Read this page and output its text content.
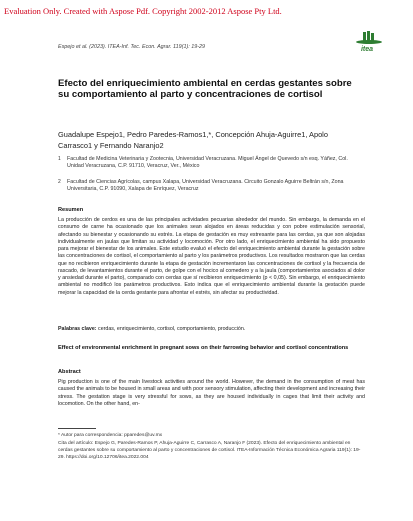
Evaluation Only. Created with Aspose Pdf. Copyright 2002-2012 Aspose Pty Ltd.
Espejo et al. (2023). ITEA-Inf. Tec. Econ. Agrar. 119(1): 19-29	itea
Efecto del enriquecimiento ambiental en cerdas gestantes sobre su comportamiento al parto y concentraciones de cortisol
Guadalupe Espejo1, Pedro Paredes-Ramos1,*, Concepción Ahuja-Aguirre1, Apolo Carrasco1 y Fernando Naranjo2
1	Facultad de Medicina Veterinaria y Zootecnia, Universidad Veracruzana. Miguel Ángel de Quevedo s/n esq. Yáñez, Col. Unidad Veracruzana, C.P. 91710, Veracruz, Ver., México
2	Facultad de Ciencias Agrícolas, campus Xalapa, Universidad Veracruzana. Circuito Gonzalo Aguirre Beltrán s/n, Zona Universitaria, C.P. 91090, Xalapa de Enríquez, Veracruz
Resumen

La producción de cerdos es una de las principales actividades pecuarias alrededor del mundo. Sin embargo, la demanda en el consumo de carne ha ocasionado que los animales sean alojados en áreas reducidas y con pobre estimulación sensorial, afectando su bienestar y ocasionando su estrés. La etapa de gestación es muy estresante para las cerdas, ya que son alojadas individualmente en jaulas que limitan su actividad y locomoción. Por otro lado, el enriquecimiento ambiental ha sido propuesto para mejorar el bienestar de los animales. Este estudio evaluó el efecto del enriquecimiento ambiental durante la gestación sobre las concentraciones de cortisol, el comportamiento al parto y los parámetros productivos. Los resultados mostraron que las cerdas que no recibieron enriquecimiento durante la etapa de gestación incrementaron las concentraciones de cortisol y la frecuencia de rascado, de levantamientos durante el parto, de golpe con el hocico al comedero y a la jaula (comportamientos asociados al dolor y ansiedad durante el parto), comparado con cerdas que sí recibieron enriquecimiento (p < 0,05). Sin embargo, el enriquecimiento ambiental no modificó los parámetros productivos. Esto indica que el enriquecimiento ambiental durante la gestación puede mejorar la capacidad de la cerda gestante para afrontar el estrés, sin afectar su productividad.

Palabras clave: cerdas, enriquecimiento, cortisol, comportamiento, producción.

Effect of environmental enrichment in pregnant sows on their farrowing behavior and cortisol concentrations
Abstract

Pig production is one of the main livestock activities around the world. However, the demand in the consumption of meat has caused the animals to be housed in small areas and with poor sensory stimulation, affecting their development and increasing their stress. The gestation stage is very stressful for sows, as they are housed individually in cages that limit their activity and locomotion. On the other hand, en-

* Autor para correspondencia: pparedes@uv.mx

Cita del artículo: Espejo G, Paredes-Ramos P, Ahuja-Aguirre C, Carrasco A, Naranjo F (2023). Efecto del enriquecimiento ambiental en cerdas gestantes sobre su comportamiento al parto y concentraciones de cortisol. ITEA-Información Técnica Económica Agraria 119(1): 19-29. https://doi.org/10.12706/itea.2022.004
